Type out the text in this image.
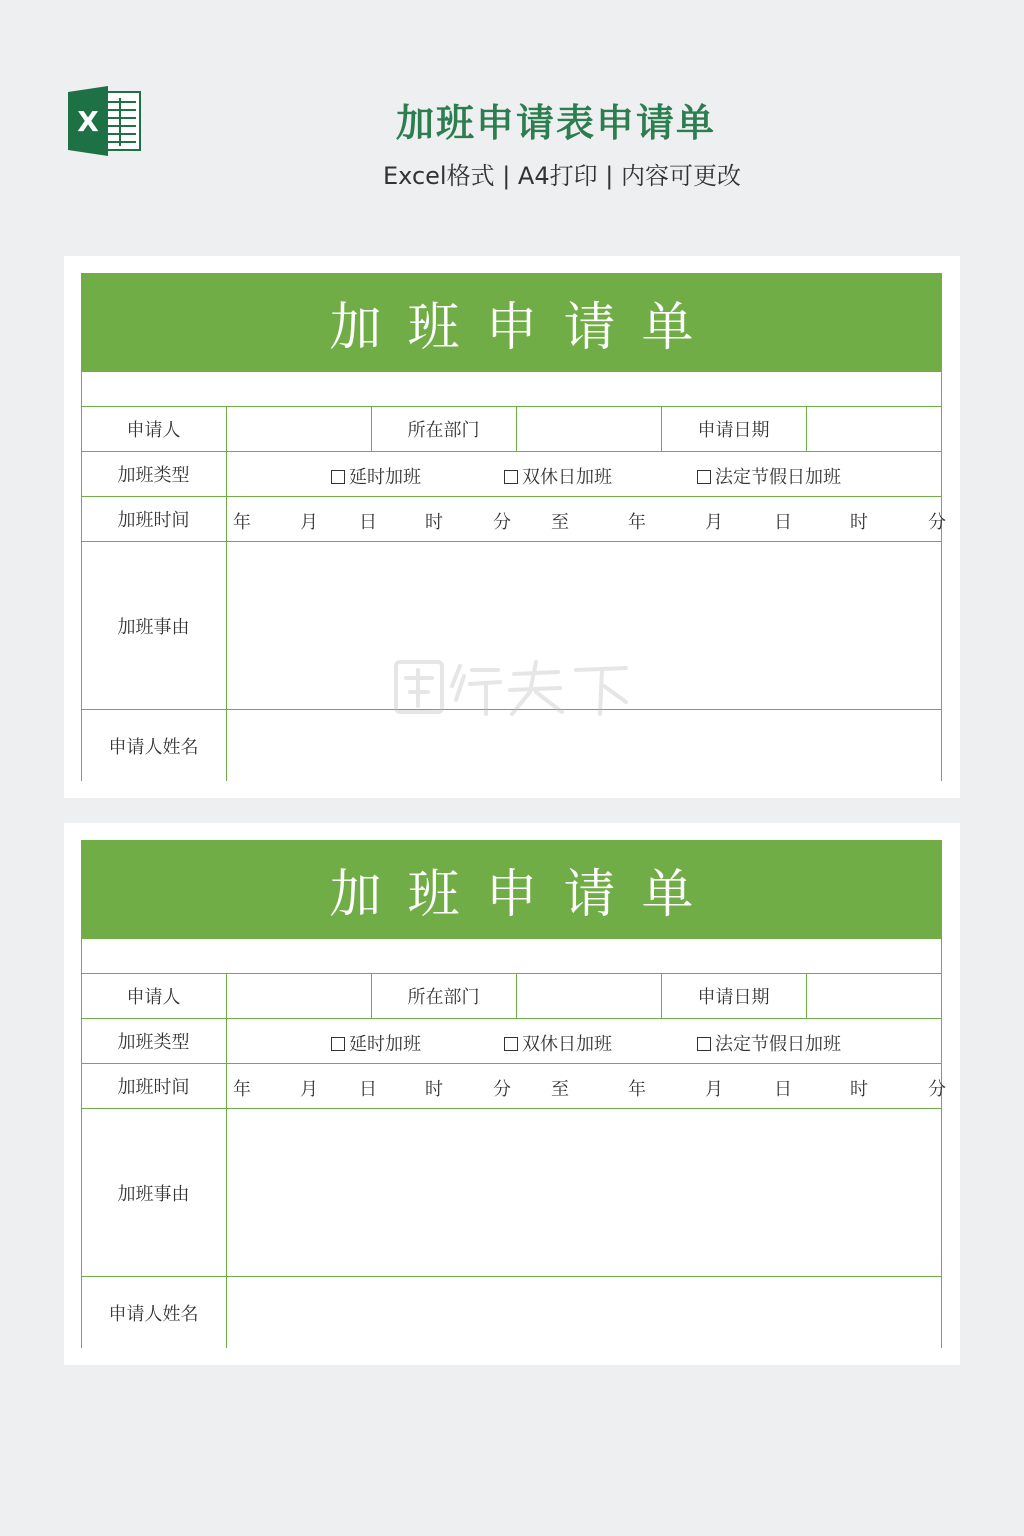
X	加班申请表申请单
Excel格式 | A4打印 | 内容可更改
加班申请单
申请人	所在部门	申请日期
加班类型	延时加班	双休日加班	法定节假日加班
加班时间	年	月 日	时	分 至	年	月	日	时	分
加班事由
申请人姓名
加班申请单
申请人	所在部门	申请日期
加班类型	延时加班	双休日加班	法定节假日加班
加班时间	年	月 日	时	分 至	年	月	日	时	分
加班事由
申请人姓名
